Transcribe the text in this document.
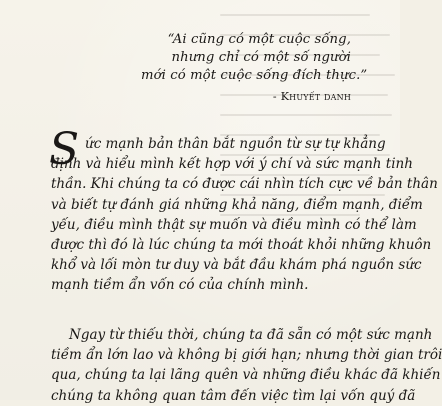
“Ai cũng có một cuộc sống,
nhưng chỉ có một số người
mới có một cuộc sống đích thực.”
- Khuyết danh
S ức mạnh bản thân bắt nguồn từ sự tự khẳng
định và hiểu mình kết hợp với ý chí và sức mạnh tinh
thần. Khi chúng ta có được cái nhìn tích cực về bản thân
và biết tự đánh giá những khả năng, điểm mạnh, điểm
yếu, điều mình thật sự muốn và điều mình có thể làm
được thì đó là lúc chúng ta mới thoát khỏi những khuôn
khổ và lối mòn tư duy và bắt đầu khám phá nguồn sức
mạnh tiềm ẩn vốn có của chính mình.
Ngay từ thiếu thời, chúng ta đã sẵn có một sức mạnh
tiềm ẩn lớn lao và không bị giới hạn; nhưng thời gian trôi
qua, chúng ta lại lãng quên và những điều khác đã khiến
chúng ta không quan tâm đến việc tìm lại vốn quý đã
